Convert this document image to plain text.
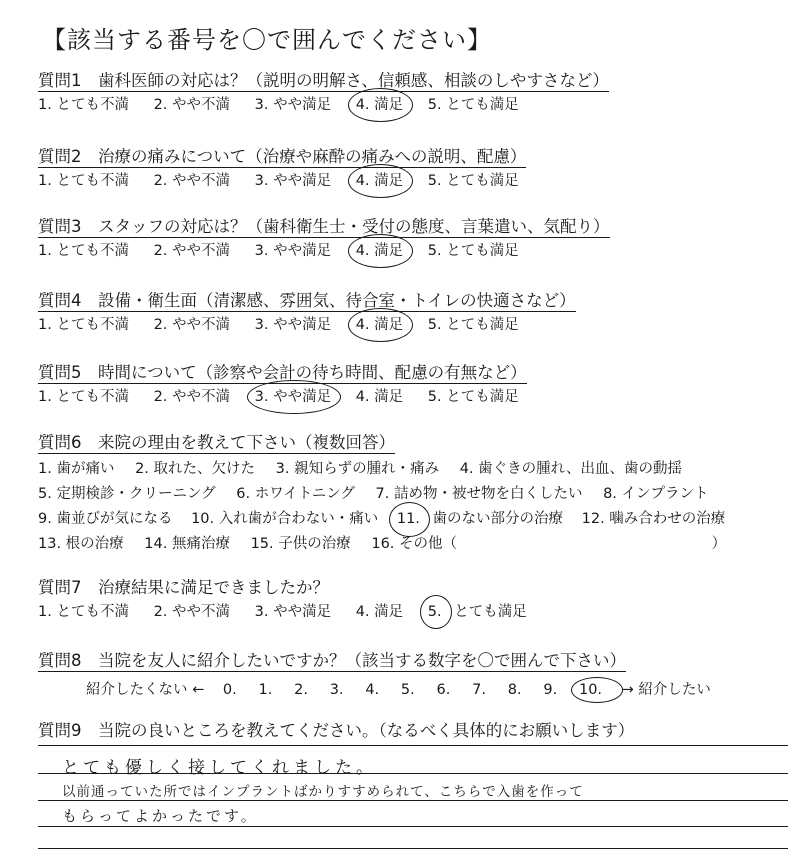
【該当する番号を〇で囲んでください】
質問1 歯科医師の対応は？（説明の明解さ、信頼感、相談のしやすさなど）
1. とても不満 2. やや不満 3. やや満足 4. 満足 5. とても満足
質問2 治療の痛みについて（治療や麻酔の痛みへの説明、配慮）
1. とても不満 2. やや不満 3. やや満足 4. 満足 5. とても満足
質問3 スタッフの対応は？（歯科衛生士・受付の態度、言葉遣い、気配り）
1. とても不満 2. やや不満 3. やや満足 4. 満足 5. とても満足
質問4 設備・衛生面（清潔感、雰囲気、待合室・トイレの快適さなど）
1. とても不満 2. やや不満 3. やや満足 4. 満足 5. とても満足
質問5 時間について（診察や会計の待ち時間、配慮の有無など）
1. とても不満 2. やや不満 3. やや満足 4. 満足 5. とても満足
質問6 来院の理由を教えて下さい（複数回答）
1. 歯が痛い 2. 取れた、欠けた 3. 親知らずの腫れ・痛み 4. 歯ぐきの腫れ、出血、歯の動揺
5. 定期検診・クリーニング 6. ホワイトニング 7. 詰め物・被せ物を白くしたい 8. インプラント
9. 歯並びが気になる 10. 入れ歯が合わない・痛い 11. 歯のない部分の治療 12. 噛み合わせの治療
13. 根の治療 14. 無痛治療 15. 子供の治療 16. その他（	）
質問7 治療結果に満足できましたか？
1. とても不満 2. やや不満 3. やや満足 4. 満足 5. とても満足
質問8 当院を友人に紹介したいですか？（該当する数字を〇で囲んで下さい）
紹介したくない ← 0. 1. 2. 3. 4. 5. 6. 7. 8. 9. 10. → 紹介したい
質問9 当院の良いところを教えてください。（なるべく具体的にお願いします）
とても優しく接してくれました。
以前通っていた所ではインプラントばかりすすめられて、こちらで入歯を作って
もらってよかったです。
